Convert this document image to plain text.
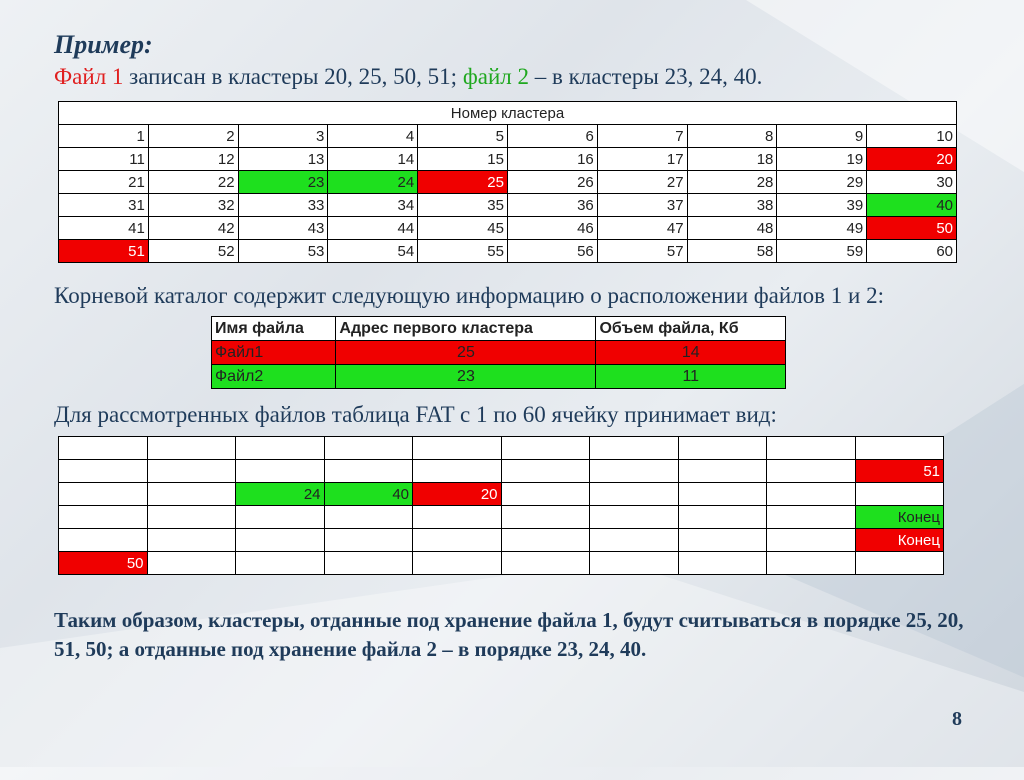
Пример:
Файл 1 записан в кластеры 20, 25, 50, 51; файл 2 – в кластеры 23, 24, 40.
Номер кластера									
1	2	3	4	5	6	7	8	9	10
11	12	13	14	15	16	17	18	19	20
21	22	23	24	25	26	27	28	29	30
31	32	33	34	35	36	37	38	39	40
41	42	43	44	45	46	47	48	49	50
51	52	53	54	55	56	57	58	59	60
Корневой каталог содержит следующую информацию о расположении файлов 1 и 2:
Имя файла	Адрес первого кластера	Объем файла, Кб
Файл1	25	14
Файл2	23	11
Для рассмотренных файлов таблица FAT с 1 по 60 ячейку принимает вид:

									51
		24	40	20					
									Конец
									Конец
50									
Таким образом, кластеры, отданные под хранение файла 1, будут считываться в порядке 25, 20, 51, 50; а отданные под хранение файла 2 – в порядке 23, 24, 40.
8
